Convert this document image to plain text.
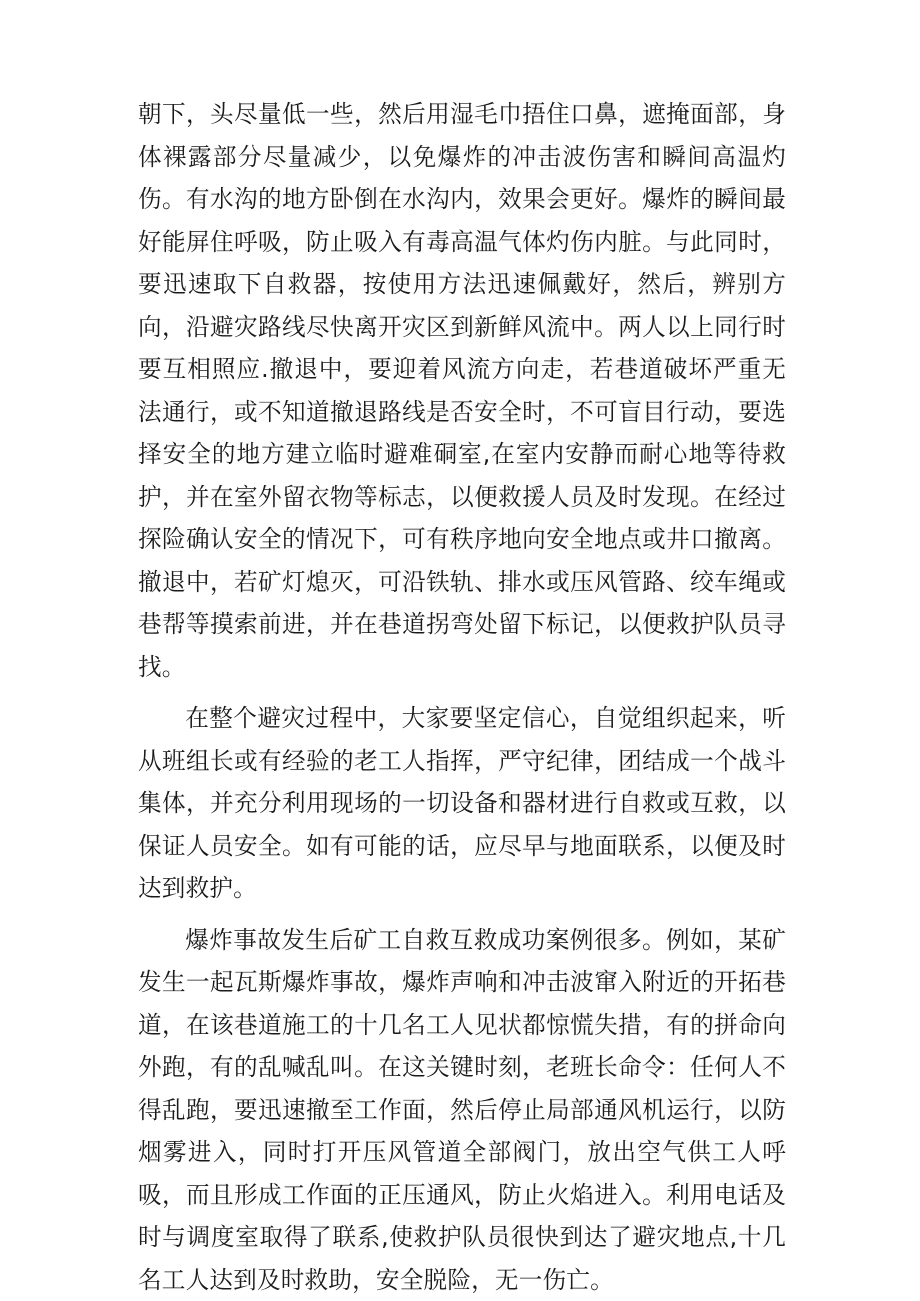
朝下，头尽量低一些，然后用湿毛巾捂住口鼻，遮掩面部，身体裸露部分尽量减少，以免爆炸的冲击波伤害和瞬间高温灼伤。有水沟的地方卧倒在水沟内，效果会更好。爆炸的瞬间最好能屏住呼吸，防止吸入有毒高温气体灼伤内脏。与此同时，要迅速取下自救器，按使用方法迅速佩戴好，然后，辨别方向，沿避灾路线尽快离开灾区到新鲜风流中。两人以上同行时要互相照应.撤退中，要迎着风流方向走，若巷道破坏严重无法通行，或不知道撤退路线是否安全时，不可盲目行动，要选择安全的地方建立临时避难硐室,在室内安静而耐心地等待救护，并在室外留衣物等标志，以便救援人员及时发现。在经过探险确认安全的情况下，可有秩序地向安全地点或井口撤离。撤退中，若矿灯熄灭，可沿铁轨、排水或压风管路、绞车绳或巷帮等摸索前进，并在巷道拐弯处留下标记，以便救护队员寻找。

在整个避灾过程中，大家要坚定信心，自觉组织起来，听从班组长或有经验的老工人指挥，严守纪律，团结成一个战斗集体，并充分利用现场的一切设备和器材进行自救或互救，以保证人员安全。如有可能的话，应尽早与地面联系，以便及时达到救护。

爆炸事故发生后矿工自救互救成功案例很多。例如，某矿发生一起瓦斯爆炸事故，爆炸声响和冲击波窜入附近的开拓巷道，在该巷道施工的十几名工人见状都惊慌失措，有的拼命向外跑，有的乱喊乱叫。在这关键时刻，老班长命令：任何人不得乱跑，要迅速撤至工作面，然后停止局部通风机运行，以防烟雾进入，同时打开压风管道全部阀门，放出空气供工人呼吸，而且形成工作面的正压通风，防止火焰进入。利用电话及时与调度室取得了联系,使救护队员很快到达了避灾地点,十几名工人达到及时救助，安全脱险，无一伤亡。
